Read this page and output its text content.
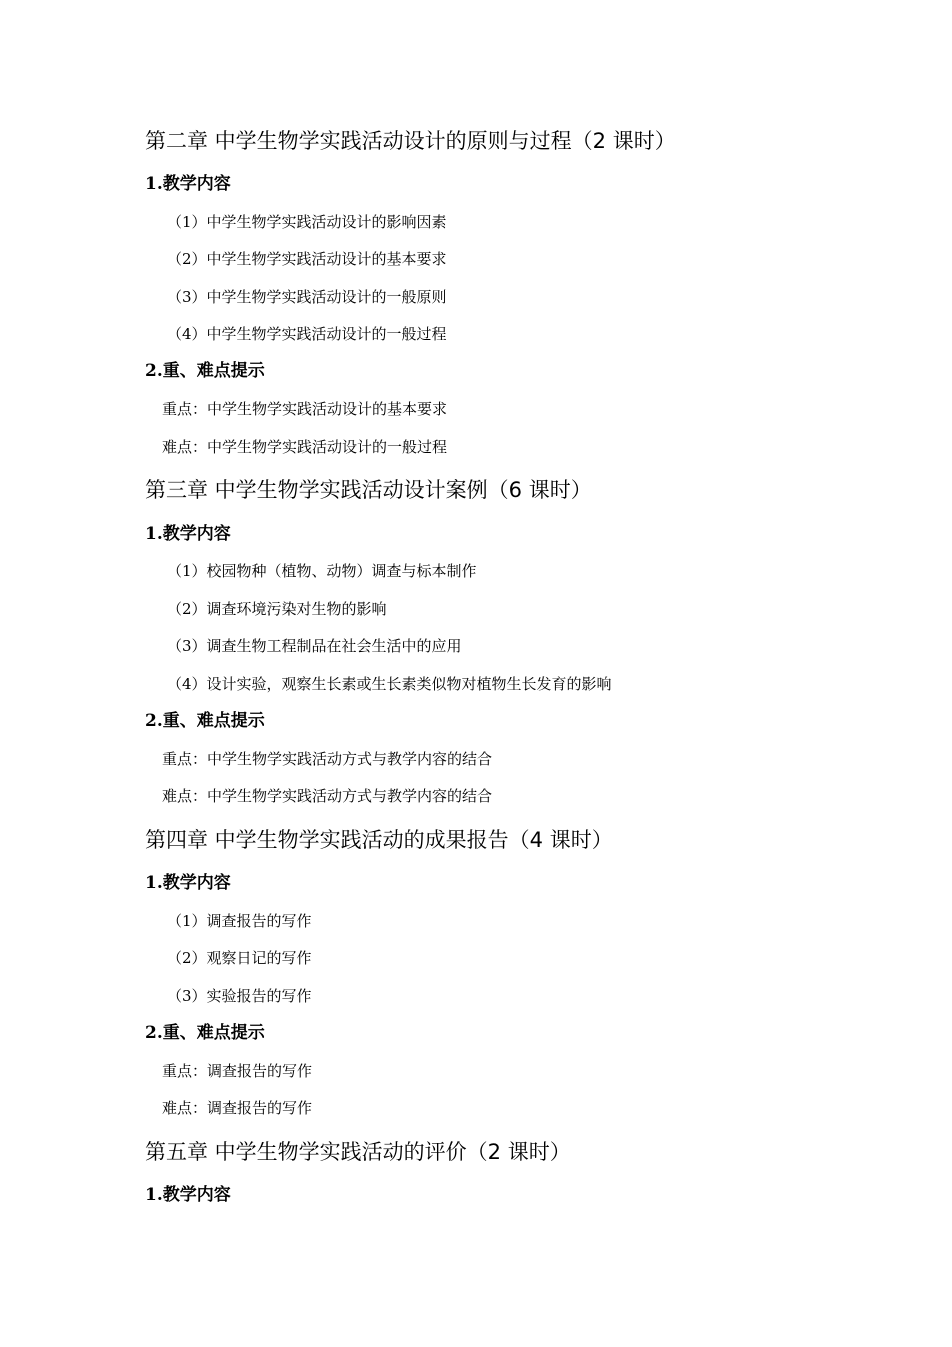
第二章 中学生物学实践活动设计的原则与过程（2 课时）
1.教学内容
（1）中学生物学实践活动设计的影响因素
（2）中学生物学实践活动设计的基本要求
（3）中学生物学实践活动设计的一般原则
（4）中学生物学实践活动设计的一般过程
2.重、难点提示
重点：中学生物学实践活动设计的基本要求
难点：中学生物学实践活动设计的一般过程
第三章 中学生物学实践活动设计案例（6 课时）
1.教学内容
（1）校园物种（植物、动物）调查与标本制作
（2）调查环境污染对生物的影响
（3）调查生物工程制品在社会生活中的应用
（4）设计实验，观察生长素或生长素类似物对植物生长发育的影响
2.重、难点提示
重点：中学生物学实践活动方式与教学内容的结合
难点：中学生物学实践活动方式与教学内容的结合
第四章 中学生物学实践活动的成果报告（4 课时）
1.教学内容
（1）调查报告的写作
（2）观察日记的写作
（3）实验报告的写作
2.重、难点提示
重点：调查报告的写作
难点：调查报告的写作
第五章 中学生物学实践活动的评价（2 课时）
1.教学内容
